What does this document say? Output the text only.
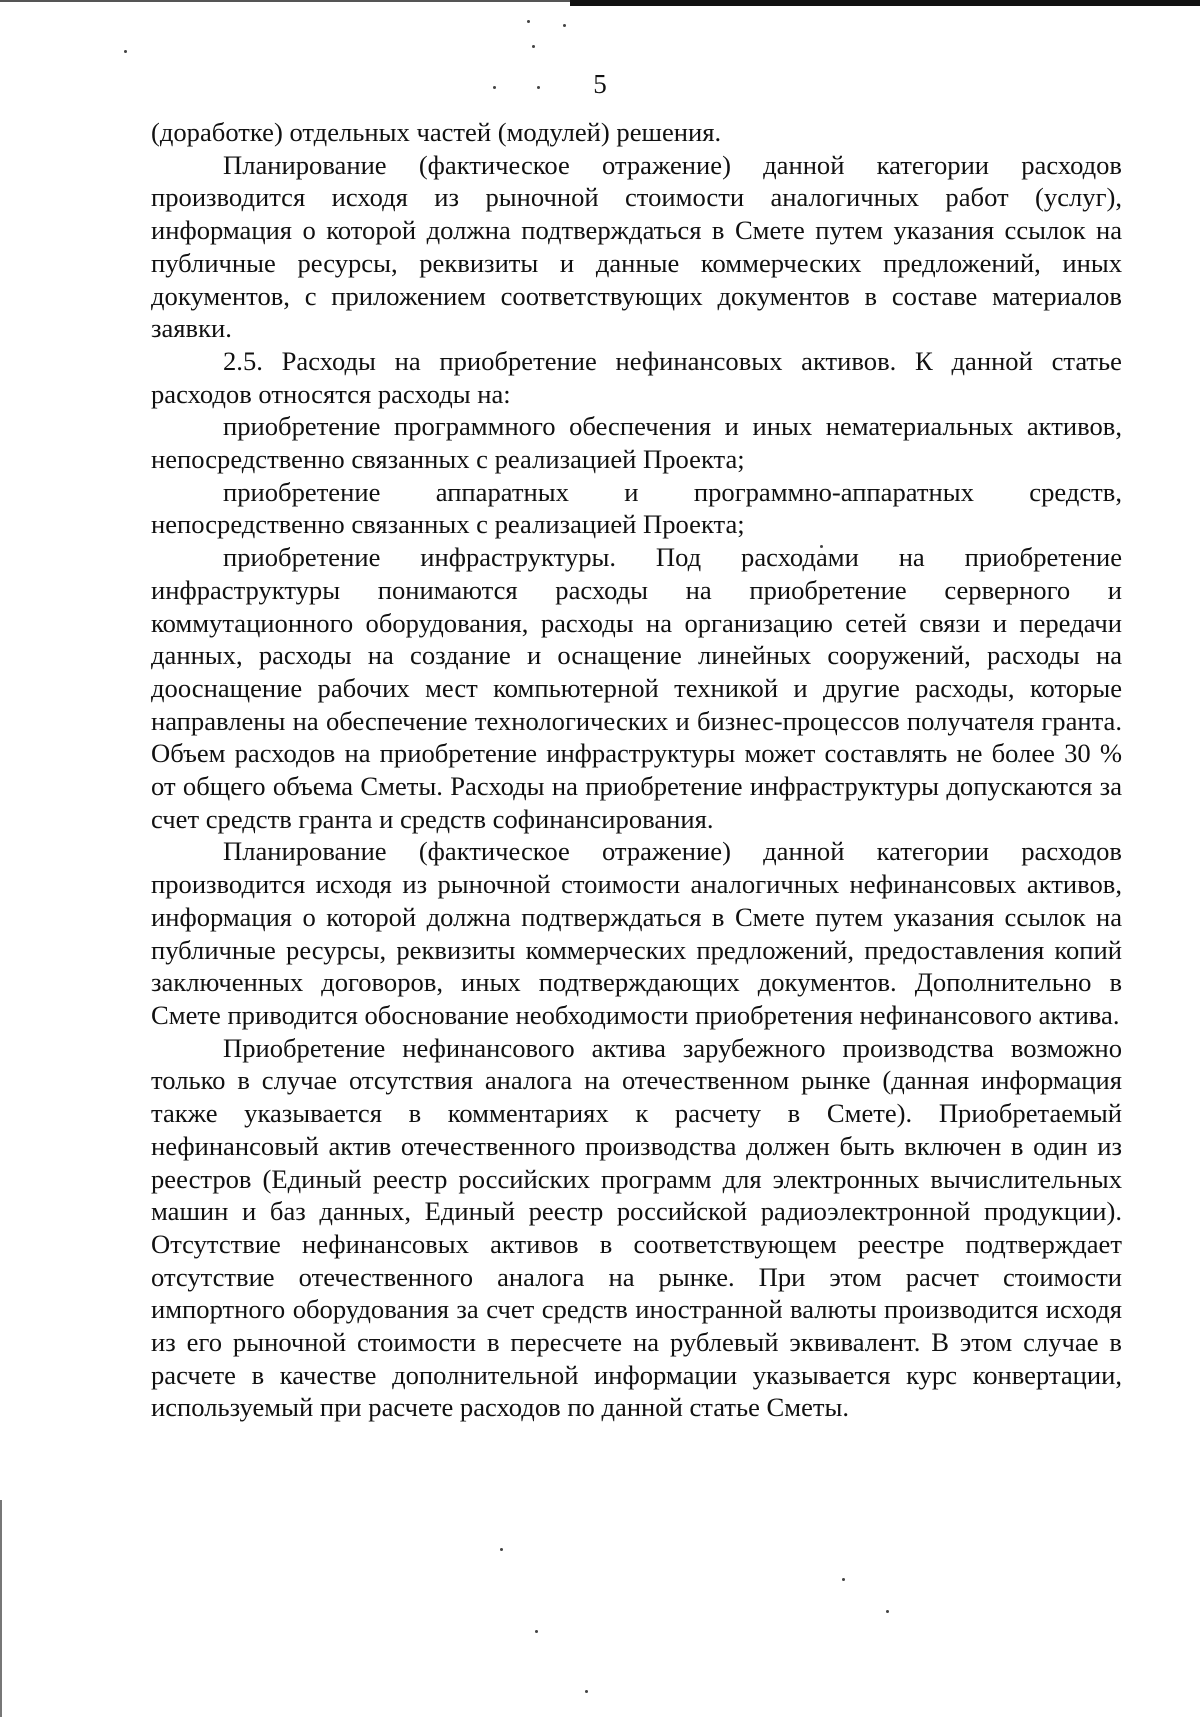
5

(доработке) отдельных частей (модулей) решения.

Планирование (фактическое отражение) данной категории расходов производится исходя из рыночной стоимости аналогичных работ (услуг), информация о которой должна подтверждаться в Смете путем указания ссылок на публичные ресурсы, реквизиты и данные коммерческих предложений, иных документов, с приложением соответствующих документов в составе материалов заявки.

2.5. Расходы на приобретение нефинансовых активов. К данной статье расходов относятся расходы на:

приобретение программного обеспечения и иных нематериальных активов, непосредственно связанных с реализацией Проекта;

приобретение аппаратных и программно-аппаратных средств, непосредственно связанных с реализацией Проекта;

приобретение инфраструктуры. Под расходами на приобретение инфраструктуры понимаются расходы на приобретение серверного и коммутационного оборудования, расходы на организацию сетей связи и передачи данных, расходы на создание и оснащение линейных сооружений, расходы на дооснащение рабочих мест компьютерной техникой и другие расходы, которые направлены на обеспечение технологических и бизнес-процессов получателя гранта. Объем расходов на приобретение инфраструктуры может составлять не более 30 % от общего объема Сметы. Расходы на приобретение инфраструктуры допускаются за счет средств гранта и средств софинансирования.

Планирование (фактическое отражение) данной категории расходов производится исходя из рыночной стоимости аналогичных нефинансовых активов, информация о которой должна подтверждаться в Смете путем указания ссылок на публичные ресурсы, реквизиты коммерческих предложений, предоставления копий заключенных договоров, иных подтверждающих документов. Дополнительно в Смете приводится обоснование необходимости приобретения нефинансового актива.

Приобретение нефинансового актива зарубежного производства возможно только в случае отсутствия аналога на отечественном рынке (данная информация также указывается в комментариях к расчету в Смете). Приобретаемый нефинансовый актив отечественного производства должен быть включен в один из реестров (Единый реестр российских программ для электронных вычислительных машин и баз данных, Единый реестр российской радиоэлектронной продукции). Отсутствие нефинансовых активов в соответствующем реестре подтверждает отсутствие отечественного аналога на рынке. При этом расчет стоимости импортного оборудования за счет средств иностранной валюты производится исходя из его рыночной стоимости в пересчете на рублевый эквивалент. В этом случае в расчете в качестве дополнительной информации указывается курс конвертации, используемый при расчете расходов по данной статье Сметы.
